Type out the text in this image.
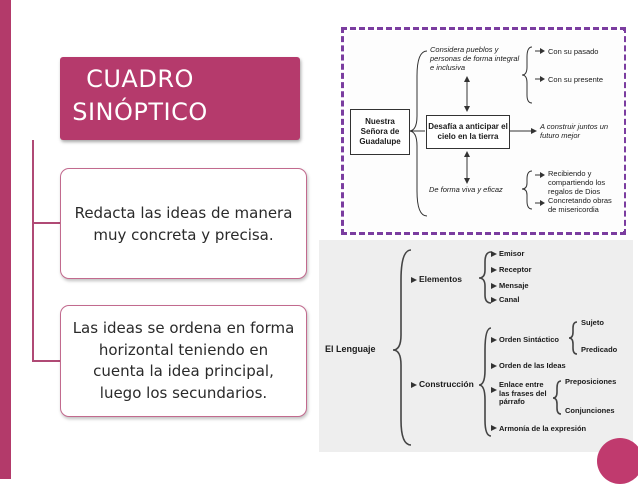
CUADRO SINÓPTICO
Redacta las ideas de manera muy concreta y precisa.
Las ideas se ordena en forma horizontal teniendo en cuenta la idea principal, luego los secundarios.
Nuestra Señora de Guadalupe
Desafía a anticipar el cielo en la tierra
Considera pueblos y personas de forma integral e inclusiva
Con su pasado
Con su presente
A construir juntos un futuro mejor
De forma viva y eficaz
Recibiendo y compartiendo los regalos de Dios
Concretando obras de misericordia
El Lenguaje
Elementos
Emisor
Receptor
Mensaje
Canal
Construcción
Orden Sintáctico
Sujeto
Predicado
Orden de las Ideas
Enlace entre las frases del párrafo
Preposiciones
Conjunciones
Armonía de la expresión
